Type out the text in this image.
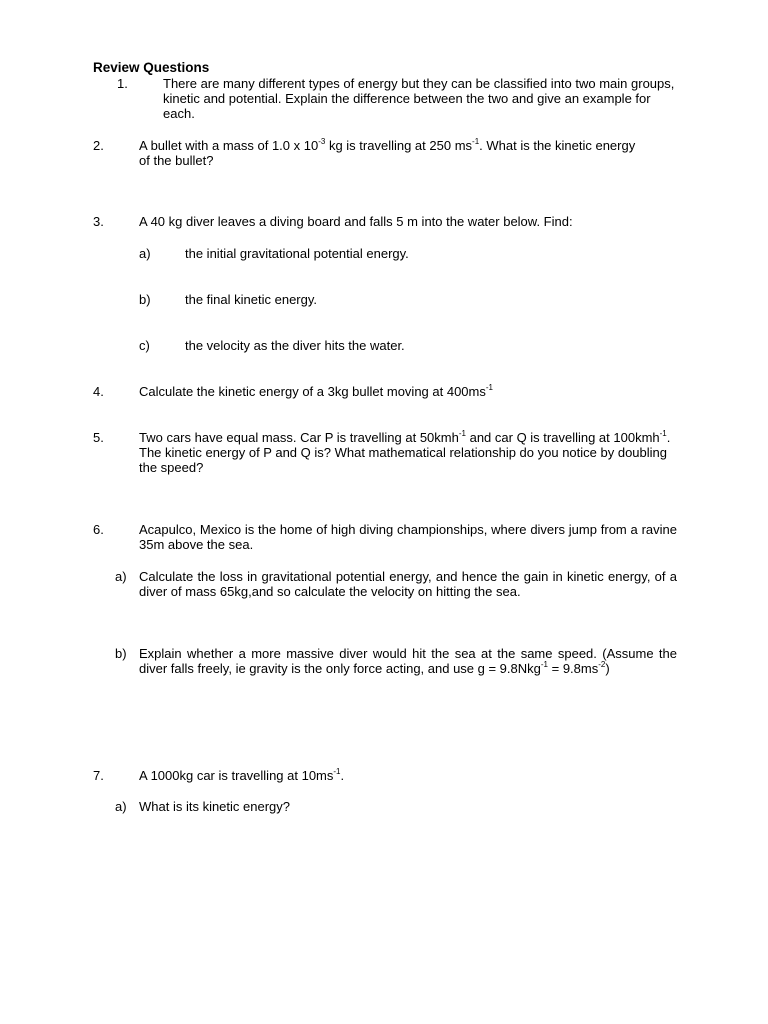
Review Questions
1.	There are many different types of energy but they can be classified into two main groups, kinetic and potential. Explain the difference between the two and give an example for each.
2.	A bullet with a mass of 1.0 x $10^{-3}$ kg is travelling at 250 $ms^{-1}$. What is the kinetic energy of the bullet?
3.	A 40 kg diver leaves a diving board and falls 5 m into the water below. Find:
a)	the initial gravitational potential energy.
b)	the final kinetic energy.
c)	the velocity as the diver hits the water.
4.	Calculate the kinetic energy of a 3kg bullet moving at $400ms^{-1}$
5.	Two cars have equal mass. Car P is travelling at 50kmh$^{-1}$ and car Q is travelling at 100kmh$^{-1}$. The kinetic energy of P and Q is? What mathematical relationship do you notice by doubling the speed?
6.	Acapulco, Mexico is the home of high diving championships, where divers jump from a ravine 35m above the sea.
a) Calculate the loss in gravitational potential energy, and hence the gain in kinetic energy, of a diver of mass 65kg,and so calculate the velocity on hitting the sea.
b) Explain whether a more massive diver would hit the sea at the same speed. (Assume the diver falls freely, ie gravity is the only force acting, and use $g = 9.8Nkg^{-1} = 9.8ms^{-2}$)
7.	A 1000kg car is travelling at $10ms^{-1}$.
a) What is its kinetic energy?
